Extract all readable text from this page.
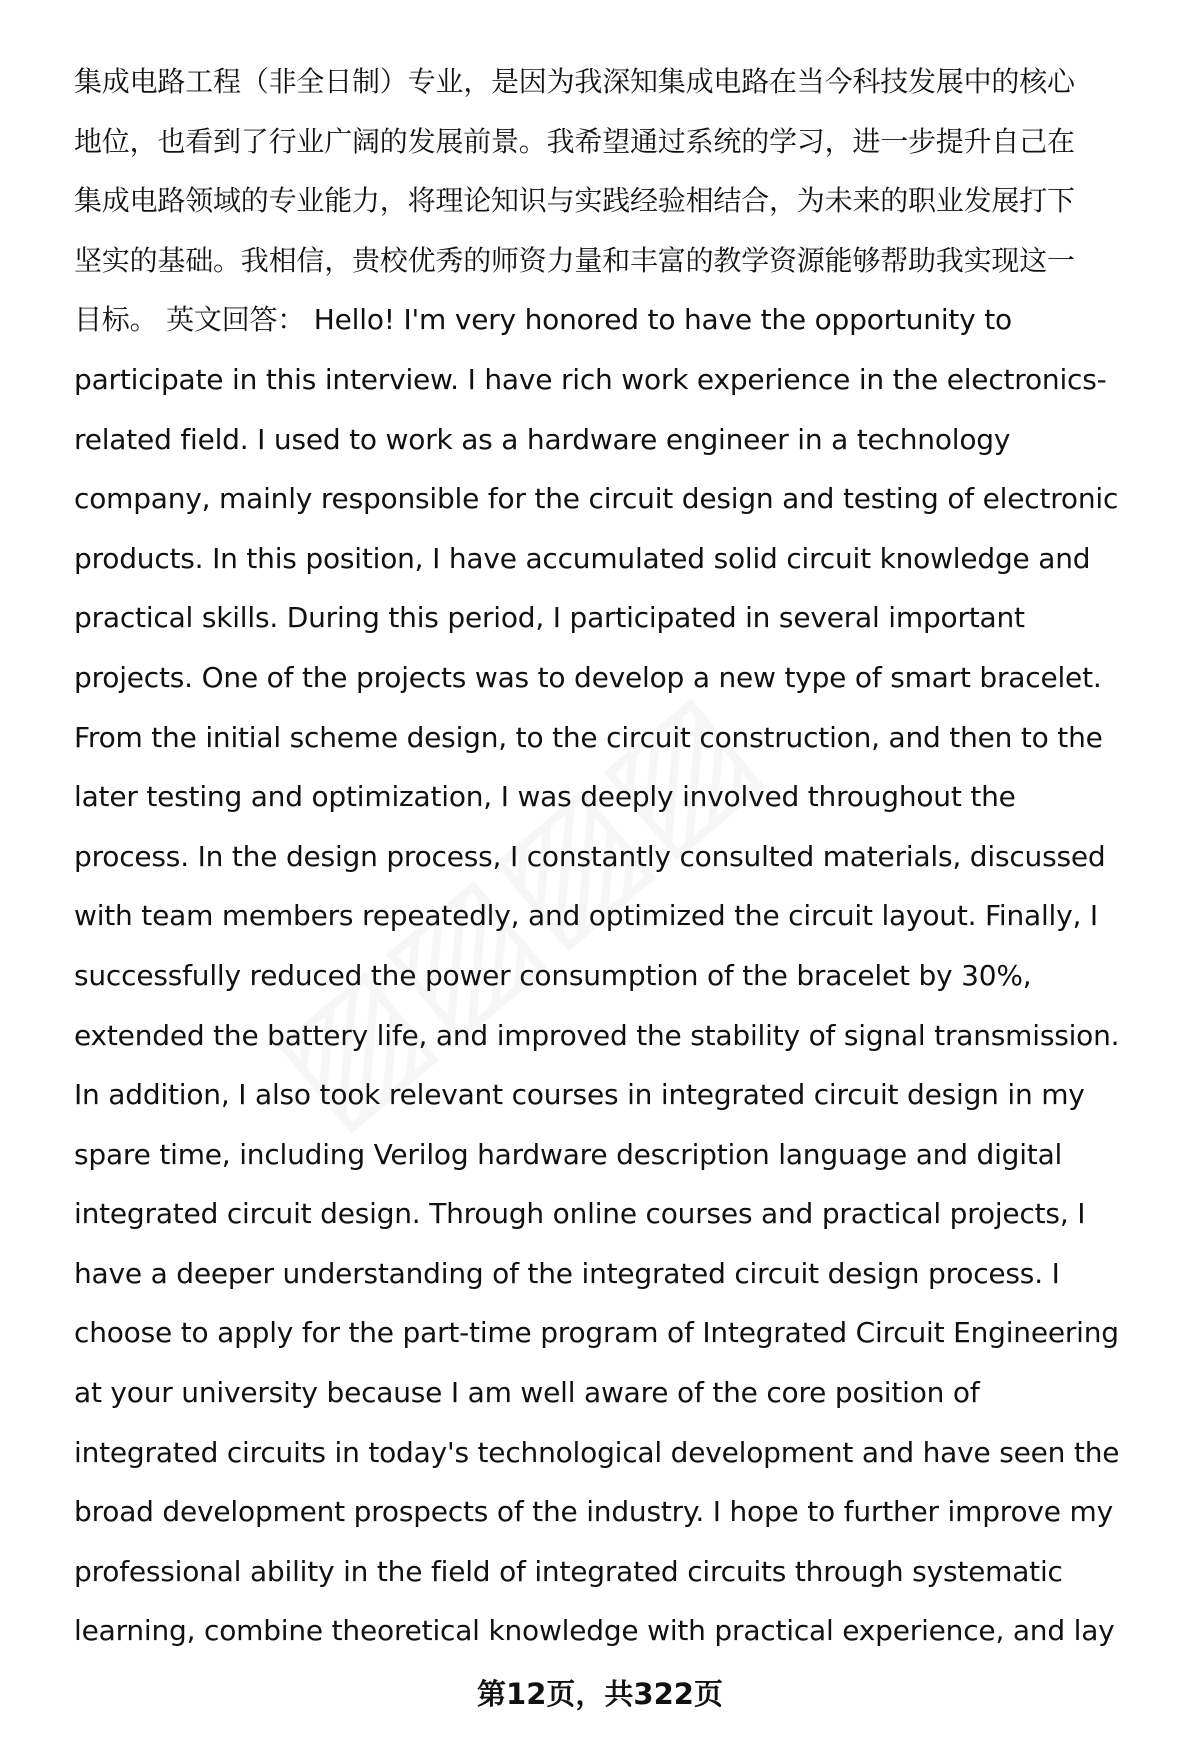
集成电路工程（非全日制）专业，是因为我深知集成电路在当今科技发展中的核心
地位，也看到了行业广阔的发展前景。我希望通过系统的学习，进一步提升自己在
集成电路领域的专业能力，将理论知识与实践经验相结合，为未来的职业发展打下
坚实的基础。我相信，贵校优秀的师资力量和丰富的教学资源能够帮助我实现这一
目标。 英文回答： Hello! I'm very honored to have the opportunity to
participate in this interview. I have rich work experience in the electronics-
related field. I used to work as a hardware engineer in a technology
company, mainly responsible for the circuit design and testing of electronic
products. In this position, I have accumulated solid circuit knowledge and
practical skills. During this period, I participated in several important
projects. One of the projects was to develop a new type of smart bracelet.
From the initial scheme design, to the circuit construction, and then to the
later testing and optimization, I was deeply involved throughout the
process. In the design process, I constantly consulted materials, discussed
with team members repeatedly, and optimized the circuit layout. Finally, I
successfully reduced the power consumption of the bracelet by 30%,
extended the battery life, and improved the stability of signal transmission.
In addition, I also took relevant courses in integrated circuit design in my
spare time, including Verilog hardware description language and digital
integrated circuit design. Through online courses and practical projects, I
have a deeper understanding of the integrated circuit design process. I
choose to apply for the part-time program of Integrated Circuit Engineering
at your university because I am well aware of the core position of
integrated circuits in today's technological development and have seen the
broad development prospects of the industry. I hope to further improve my
professional ability in the field of integrated circuits through systematic
learning, combine theoretical knowledge with practical experience, and lay
第12页，共322页
